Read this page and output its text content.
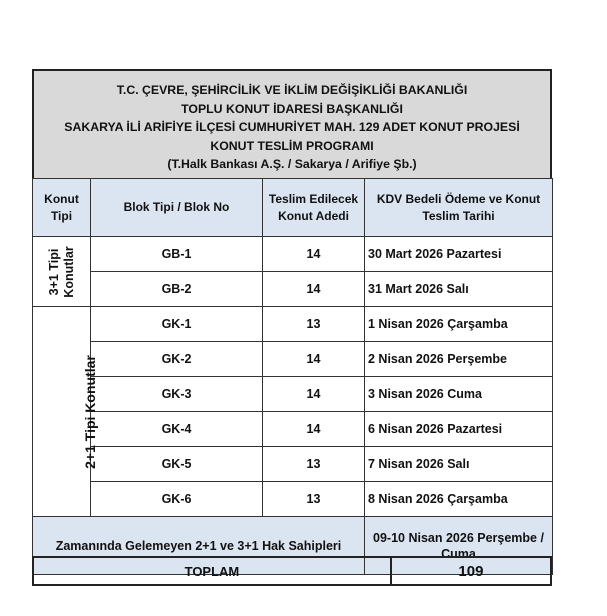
T.C. ÇEVRE, ŞEHİRCİLİK VE İKLİM DEĞİŞİKLİĞİ BAKANLIĞI
TOPLU KONUT İDARESİ BAŞKANLIĞI
SAKARYA İLİ ARİFİYE İLÇESİ CUMHURİYET MAH. 129 ADET KONUT PROJESİ
KONUT TESLİM PROGRAMI
(T.Halk Bankası A.Ş. / Sakarya / Arifiye Şb.)
Konut Tipi	Blok Tipi / Blok No	Teslim Edilecek Konut Adedi	KDV Bedeli Ödeme ve Konut Teslim Tarihi
3+1 Tipi Konutlar	GB-1	14	30 Mart 2026 Pazartesi
	GB-2	14	31 Mart 2026 Salı
2+1 Tipi Konutlar	GK-1	13	1 Nisan 2026 Çarşamba
	GK-2	14	2 Nisan 2026 Perşembe
	GK-3	14	3 Nisan 2026 Cuma
	GK-4	14	6 Nisan 2026 Pazartesi
	GK-5	13	7 Nisan 2026 Salı
	GK-6	13	8 Nisan 2026 Çarşamba
Zamanında Gelemeyen 2+1 ve 3+1 Hak Sahipleri			09-10 Nisan 2026 Perşembe / Cuma
TOPLAM	109
